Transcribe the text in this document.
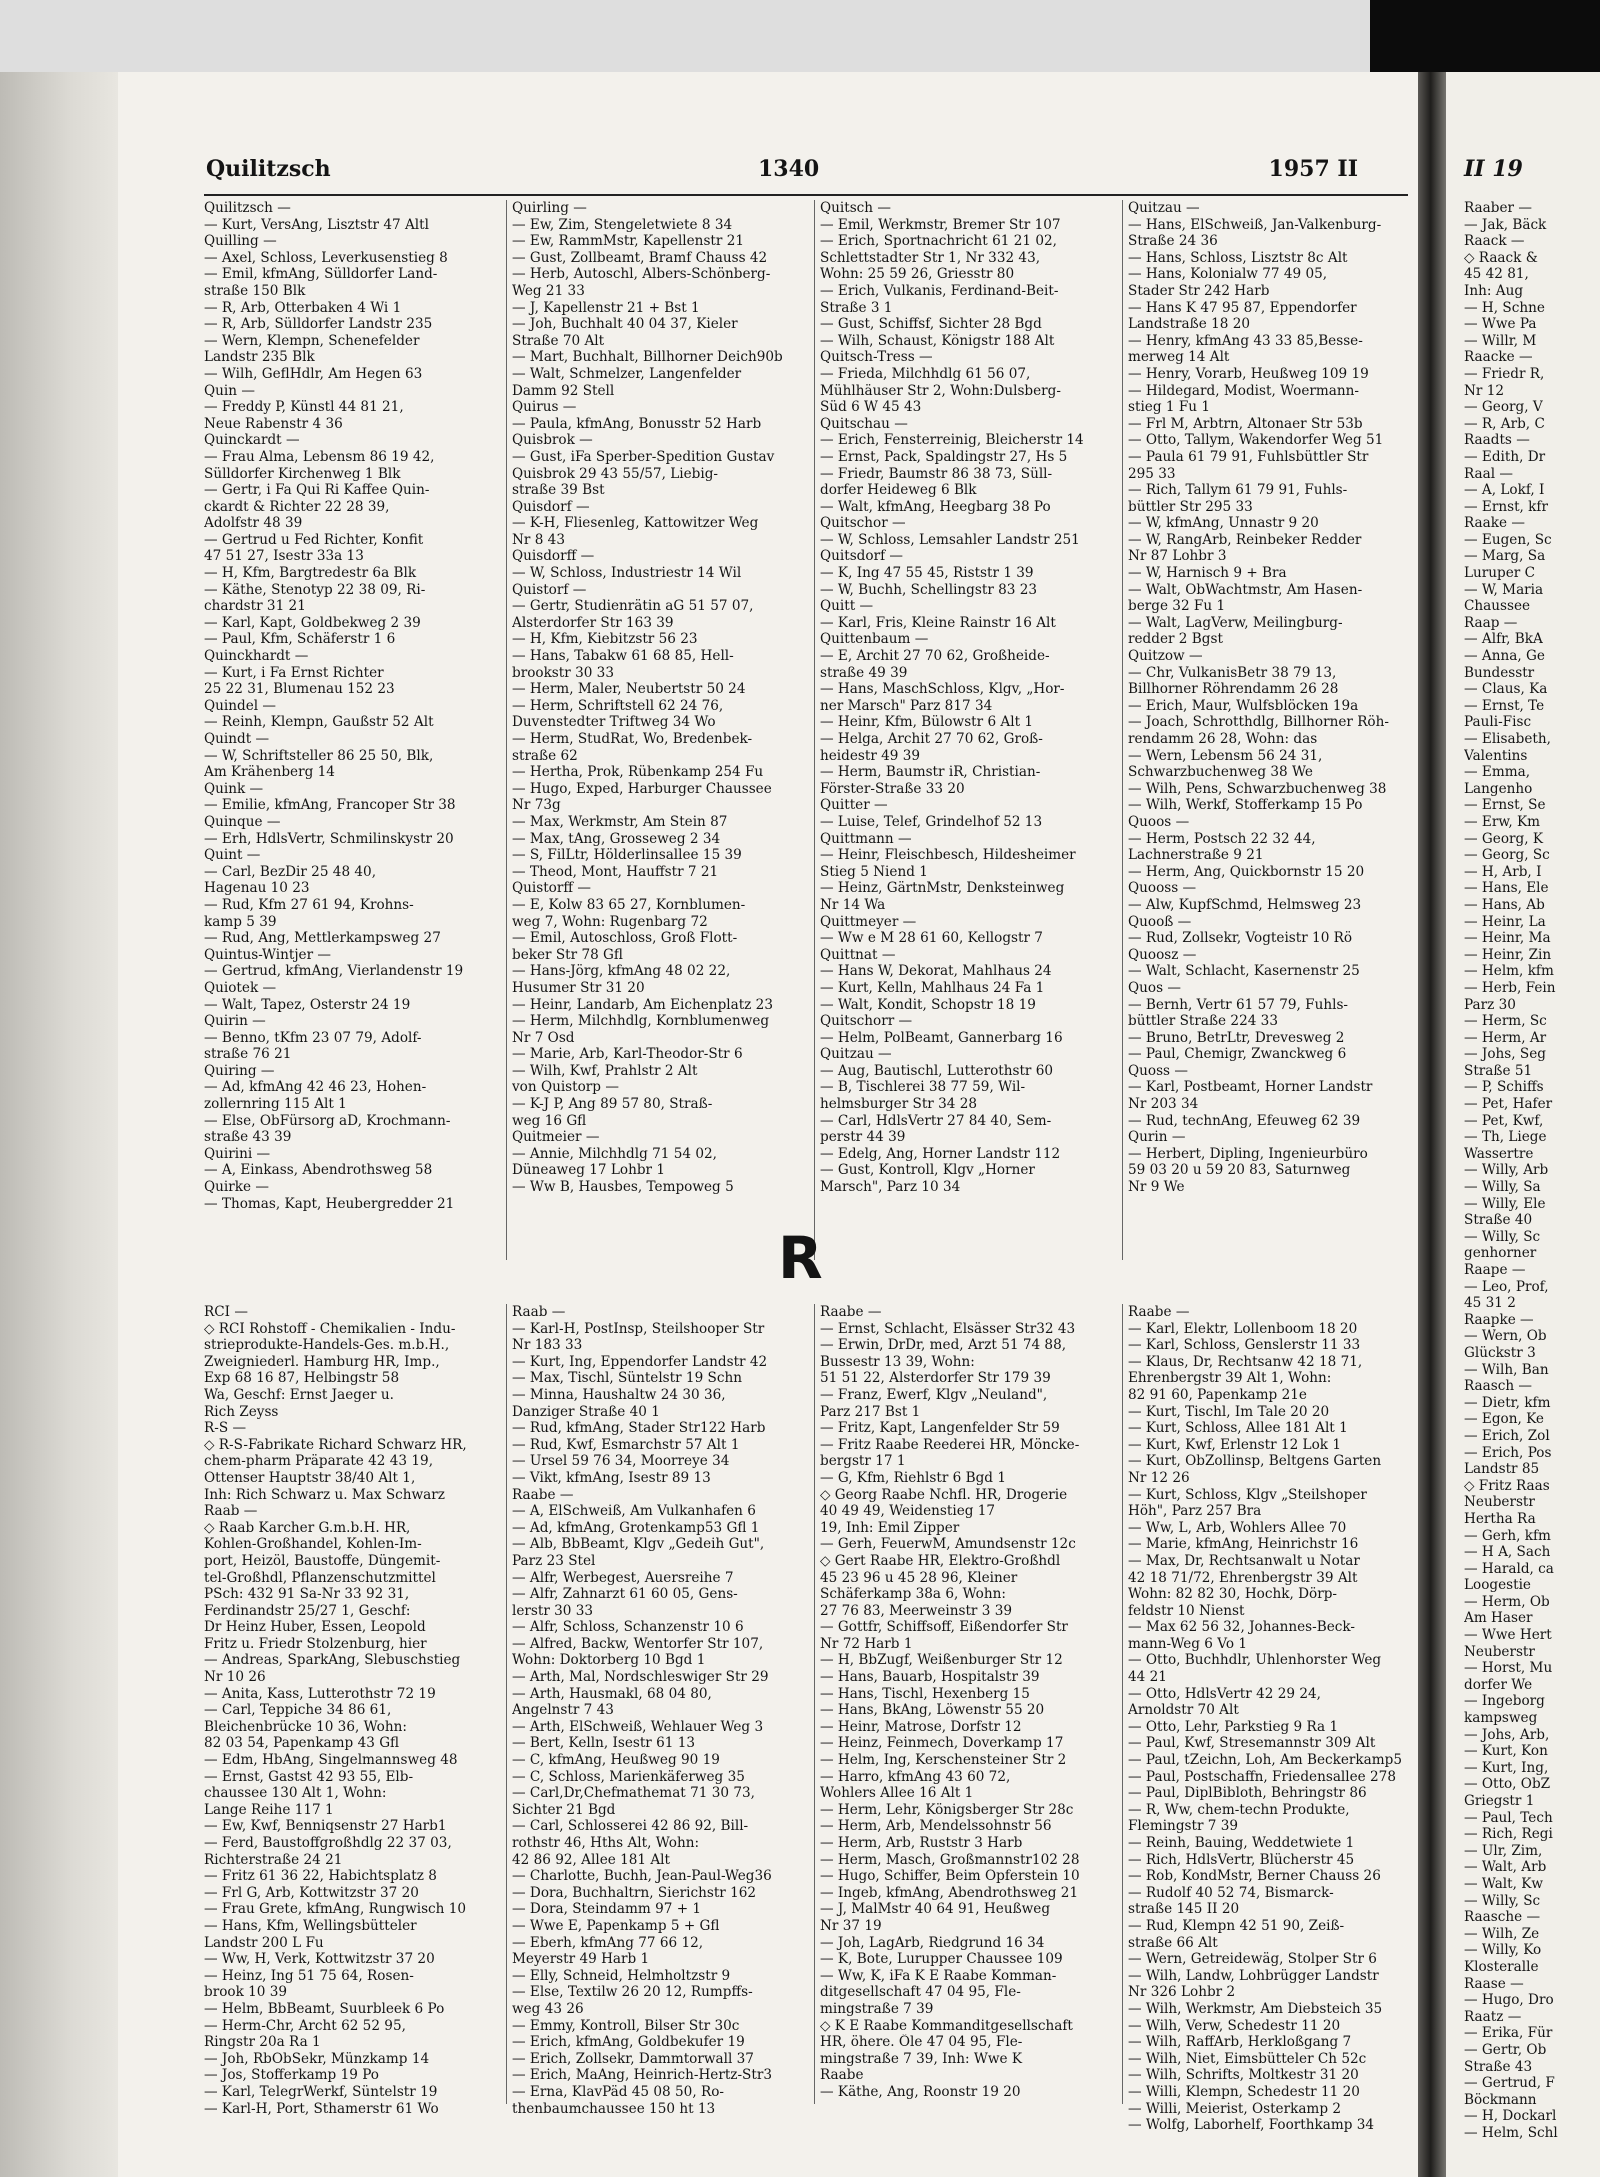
Quilitzsch	1340	1957 II
Quilitzsch —
— Kurt, VersAng, Lisztstr 47 Altl
Quilling —
— Axel, Schloss, Leverkusenstieg 8
— Emil, kfmAng, Sülldorfer Land-
straße 150 Blk
— R, Arb, Otterbaken 4 Wi 1
— R, Arb, Sülldorfer Landstr 235
— Wern, Klempn, Schenefelder
Landstr 235 Blk
— Wilh, GeflHdlr, Am Hegen 63
Quin —
— Freddy P, Künstl 44 81 21,
Neue Rabenstr 4 36
Quinckardt —
— Frau Alma, Lebensm 86 19 42,
Sülldorfer Kirchenweg 1 Blk
— Gertr, i Fa Qui Ri Kaffee Quin-
ckardt & Richter 22 28 39,
Adolfstr 48 39
— Gertrud u Fed Richter, Konfit
47 51 27, Isestr 33a 13
— H, Kfm, Bargtredestr 6a Blk
— Käthe, Stenotyp 22 38 09, Ri-
chardstr 31 21
— Karl, Kapt, Goldbekweg 2 39
— Paul, Kfm, Schäferstr 1 6
Quinckhardt —
— Kurt, i Fa Ernst Richter
25 22 31, Blumenau 152 23
Quindel —
— Reinh, Klempn, Gaußstr 52 Alt
Quindt —
— W, Schriftsteller 86 25 50, Blk,
Am Krähenberg 14
Quink —
— Emilie, kfmAng, Francoper Str 38
Quinque —
— Erh, HdlsVertr, Schmilinskystr 20
Quint —
— Carl, BezDir 25 48 40,
Hagenau 10 23
— Rud, Kfm 27 61 94, Krohns-
kamp 5 39
— Rud, Ang, Mettlerkampsweg 27
Quintus-Wintjer —
— Gertrud, kfmAng, Vierlandenstr 19
Quiotek —
— Walt, Tapez, Osterstr 24 19
Quirin —
— Benno, tKfm 23 07 79, Adolf-
straße 76 21
Quiring —
— Ad, kfmAng 42 46 23, Hohen-
zollernring 115 Alt 1
— Else, ObFürsorg aD, Krochmann-
straße 43 39
Quirini —
— A, Einkass, Abendrothsweg 58
Quirke —
— Thomas, Kapt, Heubergredder 21
Quirling —
— Ew, Zim, Stengeletwiete 8 34
— Ew, RammMstr, Kapellenstr 21
— Gust, Zollbeamt, Bramf Chauss 42
— Herb, Autoschl, Albers-Schönberg-
Weg 21 33
— J, Kapellenstr 21 + Bst 1
— Joh, Buchhalt 40 04 37, Kieler
Straße 70 Alt
— Mart, Buchhalt, Billhorner Deich90b
— Walt, Schmelzer, Langenfelder
Damm 92 Stell
Quirus —
— Paula, kfmAng, Bonusstr 52 Harb
Quisbrok —
— Gust, iFa Sperber-Spedition Gustav
Quisbrok 29 43 55/57, Liebig-
straße 39 Bst
Quisdorf —
— K-H, Fliesenleg, Kattowitzer Weg
Nr 8 43
Quisdorff —
— W, Schloss, Industriestr 14 Wil
Quistorf —
— Gertr, Studienrätin aG 51 57 07,
Alsterdorfer Str 163 39
— H, Kfm, Kiebitzstr 56 23
— Hans, Tabakw 61 68 85, Hell-
brookstr 30 33
— Herm, Maler, Neubertstr 50 24
— Herm, Schriftstell 62 24 76,
Duvenstedter Triftweg 34 Wo
— Herm, StudRat, Wo, Bredenbek-
straße 62
— Hertha, Prok, Rübenkamp 254 Fu
— Hugo, Exped, Harburger Chaussee
Nr 73g
— Max, Werkmstr, Am Stein 87
— Max, tAng, Grosseweg 2 34
— S, FilLtr, Hölderlinsallee 15 39
— Theod, Mont, Hauffstr 7 21
Quistorff —
— E, Kolw 83 65 27, Kornblumen-
weg 7, Wohn: Rugenbarg 72
— Emil, Autoschloss, Groß Flott-
beker Str 78 Gfl
— Hans-Jörg, kfmAng 48 02 22,
Husumer Str 31 20
— Heinr, Landarb, Am Eichenplatz 23
— Herm, Milchhdlg, Kornblumenweg
Nr 7 Osd
— Marie, Arb, Karl-Theodor-Str 6
— Wilh, Kwf, Prahlstr 2 Alt
von Quistorp —
— K-J P, Ang 89 57 80, Straß-
weg 16 Gfl
Quitmeier —
— Annie, Milchhdlg 71 54 02,
Düneaweg 17 Lohbr 1
— Ww B, Hausbes, Tempoweg 5
Quitsch —
— Emil, Werkmstr, Bremer Str 107
— Erich, Sportnachricht 61 21 02,
Schlettstadter Str 1, Nr 332 43,
Wohn: 25 59 26, Griesstr 80
— Erich, Vulkanis, Ferdinand-Beit-
Straße 3 1
— Gust, Schiffsf, Sichter 28 Bgd
— Wilh, Schaust, Königstr 188 Alt
Quitsch-Tress —
— Frieda, Milchhdlg 61 56 07,
Mühlhäuser Str 2, Wohn:Dulsberg-
Süd 6 W 45 43
Quitschau —
— Erich, Fensterreinig, Bleicherstr 14
— Ernst, Pack, Spaldingstr 27, Hs 5
— Friedr, Baumstr 86 38 73, Süll-
dorfer Heideweg 6 Blk
— Walt, kfmAng, Heegbarg 38 Po
Quitschor —
— W, Schloss, Lemsahler Landstr 251
Quitsdorf —
— K, Ing 47 55 45, Riststr 1 39
— W, Buchh, Schellingstr 83 23
Quitt —
— Karl, Fris, Kleine Rainstr 16 Alt
Quittenbaum —
— E, Archit 27 70 62, Großheide-
straße 49 39
— Hans, MaschSchloss, Klgv, „Hor-
ner Marsch" Parz 817 34
— Heinr, Kfm, Bülowstr 6 Alt 1
— Helga, Archit 27 70 62, Groß-
heidestr 49 39
— Herm, Baumstr iR, Christian-
Förster-Straße 33 20
Quitter —
— Luise, Telef, Grindelhof 52 13
Quittmann —
— Heinr, Fleischbesch, Hildesheimer
Stieg 5 Niend 1
— Heinz, GärtnMstr, Denksteinweg
Nr 14 Wa
Quittmeyer —
— Ww e M 28 61 60, Kellogstr 7
Quittnat —
— Hans W, Dekorat, Mahlhaus 24
— Kurt, Kelln, Mahlhaus 24 Fa 1
— Walt, Kondit, Schopstr 18 19
Quitschorr —
— Helm, PolBeamt, Gannerbarg 16
Quitzau —
— Aug, Bautischl, Lutterothstr 60
— B, Tischlerei 38 77 59, Wil-
helmsburger Str 34 28
— Carl, HdlsVertr 27 84 40, Sem-
perstr 44 39
— Edelg, Ang, Horner Landstr 112
— Gust, Kontroll, Klgv „Horner
Marsch", Parz 10 34
Quitzau —
— Hans, ElSchweiß, Jan-Valkenburg-
Straße 24 36
— Hans, Schloss, Lisztstr 8c Alt
— Hans, Kolonialw 77 49 05,
Stader Str 242 Harb
— Hans K 47 95 87, Eppendorfer
Landstraße 18 20
— Henry, kfmAng 43 33 85,Besse-
merweg 14 Alt
— Henry, Vorarb, Heußweg 109 19
— Hildegard, Modist, Woermann-
stieg 1 Fu 1
— Frl M, Arbtrn, Altonaer Str 53b
— Otto, Tallym, Wakendorfer Weg 51
— Paula 61 79 91, Fuhlsbüttler Str
295 33
— Rich, Tallym 61 79 91, Fuhls-
büttler Str 295 33
— W, kfmAng, Unnastr 9 20
— W, RangArb, Reinbeker Redder
Nr 87 Lohbr 3
— W, Harnisch 9 + Bra
— Walt, ObWachtmstr, Am Hasen-
berge 32 Fu 1
— Walt, LagVerw, Meilingburg-
redder 2 Bgst
Quitzow —
— Chr, VulkanisBetr 38 79 13,
Billhorner Röhrendamm 26 28
— Erich, Maur, Wulfsblöcken 19a
— Joach, Schrotthdlg, Billhorner Röh-
rendamm 26 28, Wohn: das
— Wern, Lebensm 56 24 31,
Schwarzbuchenweg 38 We
— Wilh, Pens, Schwarzbuchenweg 38
— Wilh, Werkf, Stofferkamp 15 Po
Quoos —
— Herm, Postsch 22 32 44,
Lachnerstraße 9 21
— Herm, Ang, Quickbornstr 15 20
Quooss —
— Alw, KupfSchmd, Helmsweg 23
Quooß —
— Rud, Zollsekr, Vogteistr 10 Rö
Quoosz —
— Walt, Schlacht, Kasernenstr 25
Quos —
— Bernh, Vertr 61 57 79, Fuhls-
büttler Straße 224 33
— Bruno, BetrLtr, Drevesweg 2
— Paul, Chemigr, Zwanckweg 6
Quoss —
— Karl, Postbeamt, Horner Landstr
Nr 203 34
— Rud, technAng, Efeuweg 62 39
Qurin —
— Herbert, Dipling, Ingenieurbüro
59 03 20 u 59 20 83, Saturnweg
Nr 9 We
R
RCI —
◇ RCI Rohstoff - Chemikalien - Indu-
strieprodukte-Handels-Ges. m.b.H.,
Zweigniederl. Hamburg HR, Imp.,
Exp 68 16 87, Helbingstr 58
Wa, Geschf: Ernst Jaeger u.
Rich Zeyss
R-S —
◇ R-S-Fabrikate Richard Schwarz HR,
chem-pharm Präparate 42 43 19,
Ottenser Hauptstr 38/40 Alt 1,
Inh: Rich Schwarz u. Max Schwarz
Raab —
◇ Raab Karcher G.m.b.H. HR,
Kohlen-Großhandel, Kohlen-Im-
port, Heizöl, Baustoffe, Düngemit-
tel-Großhdl, Pflanzenschutzmittel
PSch: 432 91 Sa-Nr 33 92 31,
Ferdinandstr 25/27 1, Geschf:
Dr Heinz Huber, Essen, Leopold
Fritz u. Friedr Stolzenburg, hier
— Andreas, SparkAng, Slebuschstieg
Nr 10 26
— Anita, Kass, Lutterothstr 72 19
— Carl, Teppiche 34 86 61,
Bleichenbrücke 10 36, Wohn:
82 03 54, Papenkamp 43 Gfl
— Edm, HbAng, Singelmannsweg 48
— Ernst, Gastst 42 93 55, Elb-
chaussee 130 Alt 1, Wohn:
Lange Reihe 117 1
— Ew, Kwf, Benniqsenstr 27 Harb1
— Ferd, Baustoffgroßhdlg 22 37 03,
Richterstraße 24 21
— Fritz 61 36 22, Habichtsplatz 8
— Frl G, Arb, Kottwitzstr 37 20
— Frau Grete, kfmAng, Rungwisch 10
— Hans, Kfm, Wellingsbütteler
Landstr 200 L Fu
— Ww, H, Verk, Kottwitzstr 37 20
— Heinz, Ing 51 75 64, Rosen-
brook 10 39
— Helm, BbBeamt, Suurbleek 6 Po
— Herm-Chr, Archt 62 52 95,
Ringstr 20a Ra 1
— Joh, RbObSekr, Münzkamp 14
— Jos, Stofferkamp 19 Po
— Karl, TelegrWerkf, Süntelstr 19
— Karl-H, Port, Sthamerstr 61 Wo
Raab —
— Karl-H, PostInsp, Steilshooper Str
Nr 183 33
— Kurt, Ing, Eppendorfer Landstr 42
— Max, Tischl, Süntelstr 19 Schn
— Minna, Haushaltw 24 30 36,
Danziger Straße 40 1
— Rud, kfmAng, Stader Str122 Harb
— Rud, Kwf, Esmarchstr 57 Alt 1
— Ursel 59 76 34, Moorreye 34
— Vikt, kfmAng, Isestr 89 13
Raabe —
— A, ElSchweiß, Am Vulkanhafen 6
— Ad, kfmAng, Grotenkamp53 Gfl 1
— Alb, BbBeamt, Klgv „Gedeih Gut",
Parz 23 Stel
— Alfr, Werbegest, Auersreihe 7
— Alfr, Zahnarzt 61 60 05, Gens-
lerstr 30 33
— Alfr, Schloss, Schanzenstr 10 6
— Alfred, Backw, Wentorfer Str 107,
Wohn: Doktorberg 10 Bgd 1
— Arth, Mal, Nordschleswiger Str 29
— Arth, Hausmakl, 68 04 80,
Angelnstr 7 43
— Arth, ElSchweiß, Wehlauer Weg 3
— Bert, Kelln, Isestr 61 13
— C, kfmAng, Heußweg 90 19
— C, Schloss, Marienkäferweg 35
— Carl,Dr,Chefmathemat 71 30 73,
Sichter 21 Bgd
— Carl, Schlosserei 42 86 92, Bill-
rothstr 46, Hths Alt, Wohn:
42 86 92, Allee 181 Alt
— Charlotte, Buchh, Jean-Paul-Weg36
— Dora, Buchhaltrn, Sierichstr 162
— Dora, Steindamm 97 + 1
— Wwe E, Papenkamp 5 + Gfl
— Eberh, kfmAng 77 66 12,
Meyerstr 49 Harb 1
— Elly, Schneid, Helmholtzstr 9
— Else, Textilw 26 20 12, Rumpffs-
weg 43 26
— Emmy, Kontroll, Bilser Str 30c
— Erich, kfmAng, Goldbekufer 19
— Erich, Zollsekr, Dammtorwall 37
— Erich, MaAng, Heinrich-Hertz-Str3
— Erna, KlavPäd 45 08 50, Ro-
thenbaumchaussee 150 ht 13
Raabe —
— Ernst, Schlacht, Elsässer Str32 43
— Erwin, DrDr, med, Arzt 51 74 88,
Bussestr 13 39, Wohn:
51 51 22, Alsterdorfer Str 179 39
— Franz, Ewerf, Klgv „Neuland",
Parz 217 Bst 1
— Fritz, Kapt, Langenfelder Str 59
— Fritz Raabe Reederei HR, Möncke-
bergstr 17 1
— G, Kfm, Riehlstr 6 Bgd 1
◇ Georg Raabe Nchfl. HR, Drogerie
40 49 49, Weidenstieg 17
19, Inh: Emil Zipper
— Gerh, FeuerwM, Amundsenstr 12c
◇ Gert Raabe HR, Elektro-Großhdl
45 23 96 u 45 28 96, Kleiner
Schäferkamp 38a 6, Wohn:
27 76 83, Meerweinstr 3 39
— Gottfr, Schiffsoff, Eißendorfer Str
Nr 72 Harb 1
— H, BbZugf, Weißenburger Str 12
— Hans, Bauarb, Hospitalstr 39
— Hans, Tischl, Hexenberg 15
— Hans, BkAng, Löwenstr 55 20
— Heinr, Matrose, Dorfstr 12
— Heinz, Feinmech, Doverkamp 17
— Helm, Ing, Kerschensteiner Str 2
— Harro, kfmAng 43 60 72,
Wohlers Allee 16 Alt 1
— Herm, Lehr, Königsberger Str 28c
— Herm, Arb, Mendelssohnstr 56
— Herm, Arb, Ruststr 3 Harb
— Herm, Masch, Großmannstr102 28
— Hugo, Schiffer, Beim Opferstein 10
— Ingeb, kfmAng, Abendrothsweg 21
— J, MalMstr 40 64 91, Heußweg
Nr 37 19
— Joh, LagArb, Riedgrund 16 34
— K, Bote, Lurupper Chaussee 109
— Ww, K, iFa K E Raabe Komman-
ditgesellschaft 47 04 95, Fle-
mingstraße 7 39
◇ K E Raabe Kommanditgesellschaft
HR, öhere. Öle 47 04 95, Fle-
mingstraße 7 39, Inh: Wwe K
Raabe
— Käthe, Ang, Roonstr 19 20
Raabe —
— Karl, Elektr, Lollenboom 18 20
— Karl, Schloss, Genslerstr 11 33
— Klaus, Dr, Rechtsanw 42 18 71,
Ehrenbergstr 39 Alt 1, Wohn:
82 91 60, Papenkamp 21e
— Kurt, Tischl, Im Tale 20 20
— Kurt, Schloss, Allee 181 Alt 1
— Kurt, Kwf, Erlenstr 12 Lok 1
— Kurt, ObZollinsp, Beltgens Garten
Nr 12 26
— Kurt, Schloss, Klgv „Steilshoper
Höh", Parz 257 Bra
— Ww, L, Arb, Wohlers Allee 70
— Marie, kfmAng, Heinrichstr 16
— Max, Dr, Rechtsanwalt u Notar
42 18 71/72, Ehrenbergstr 39 Alt
Wohn: 82 82 30, Hochk, Dörp-
feldstr 10 Nienst
— Max 62 56 32, Johannes-Beck-
mann-Weg 6 Vo 1
— Otto, Buchhdlr, Uhlenhorster Weg
44 21
— Otto, HdlsVertr 42 29 24,
Arnoldstr 70 Alt
— Otto, Lehr, Parkstieg 9 Ra 1
— Paul, Kwf, Stresemannstr 309 Alt
— Paul, tZeichn, Loh, Am Beckerkamp5
— Paul, Postschaffn, Friedensallee 278
— Paul, DiplBibloth, Behringstr 86
— R, Ww, chem-techn Produkte,
Flemingstr 7 39
— Reinh, Bauing, Weddetwiete 1
— Rich, HdlsVertr, Blücherstr 45
— Rob, KondMstr, Berner Chauss 26
— Rudolf 40 52 74, Bismarck-
straße 145 II 20
— Rud, Klempn 42 51 90, Zeiß-
straße 66 Alt
— Wern, Getreidewäg, Stolper Str 6
— Wilh, Landw, Lohbrügger Landstr
Nr 326 Lohbr 2
— Wilh, Werkmstr, Am Diebsteich 35
— Wilh, Verw, Schedestr 11 20
— Wilh, RaffArb, Herkloßgang 7
— Wilh, Niet, Eimsbütteler Ch 52c
— Wilh, Schrifts, Moltkestr 31 20
— Willi, Klempn, Schedestr 11 20
— Willi, Meierist, Osterkamp 2
— Wolfg, Laborhelf, Foorthkamp 34
II 19
Raaber —
— Jak, Bäck
Raack —
◇ Raack &
45 42 81,
Inh: Aug
— H, Schne
— Wwe Pa
— Willr, M
Raacke —
— Friedr R,
Nr 12
— Georg, V
— R, Arb, C
Raadts —
— Edith, Dr
Raal —
— A, Lokf, I
— Ernst, kfr
Raake —
— Eugen, Sc
— Marg, Sa
Luruper C
— W, Maria
Chaussee
Raap —
— Alfr, BkA
— Anna, Ge
Bundesstr
— Claus, Ka
— Ernst, Te
Pauli-Fisc
— Elisabeth,
Valentins
— Emma,
Langenho
— Ernst, Se
— Erw, Km
— Georg, K
— Georg, Sc
— H, Arb, I
— Hans, Ele
— Hans, Ab
— Heinr, La
— Heinr, Ma
— Heinr, Zin
— Helm, kfm
— Herb, Fein
Parz 30
— Herm, Sc
— Herm, Ar
— Johs, Seg
Straße 51
— P, Schiffs
— Pet, Hafer
— Pet, Kwf,
— Th, Liege
Wassertre
— Willy, Arb
— Willy, Sa
— Willy, Ele
Straße 40
— Willy, Sc
genhorner
Raape —
— Leo, Prof,
45 31 2
Raapke —
— Wern, Ob
Glückstr 3
— Wilh, Ban
Raasch —
— Dietr, kfm
— Egon, Ke
— Erich, Zol
— Erich, Pos
Landstr 85
◇ Fritz Raas
Neuberstr
Hertha Ra
— Gerh, kfm
— H A, Sach
— Harald, ca
Loogestie
— Herm, Ob
Am Haser
— Wwe Hert
Neuberstr
— Horst, Mu
dorfer We
— Ingeborg
kampsweg
— Johs, Arb,
— Kurt, Kon
— Kurt, Ing,
— Otto, ObZ
Griegstr 1
— Paul, Tech
— Rich, Regi
— Ulr, Zim,
— Walt, Arb
— Walt, Kw
— Willy, Sc
Raasche —
— Wilh, Ze
— Willy, Ko
Klosteralle
Raase —
— Hugo, Dro
Raatz —
— Erika, Für
— Gertr, Ob
Straße 43
— Gertrud, F
Böckmann
— H, Dockarl
— Helm, Schl
